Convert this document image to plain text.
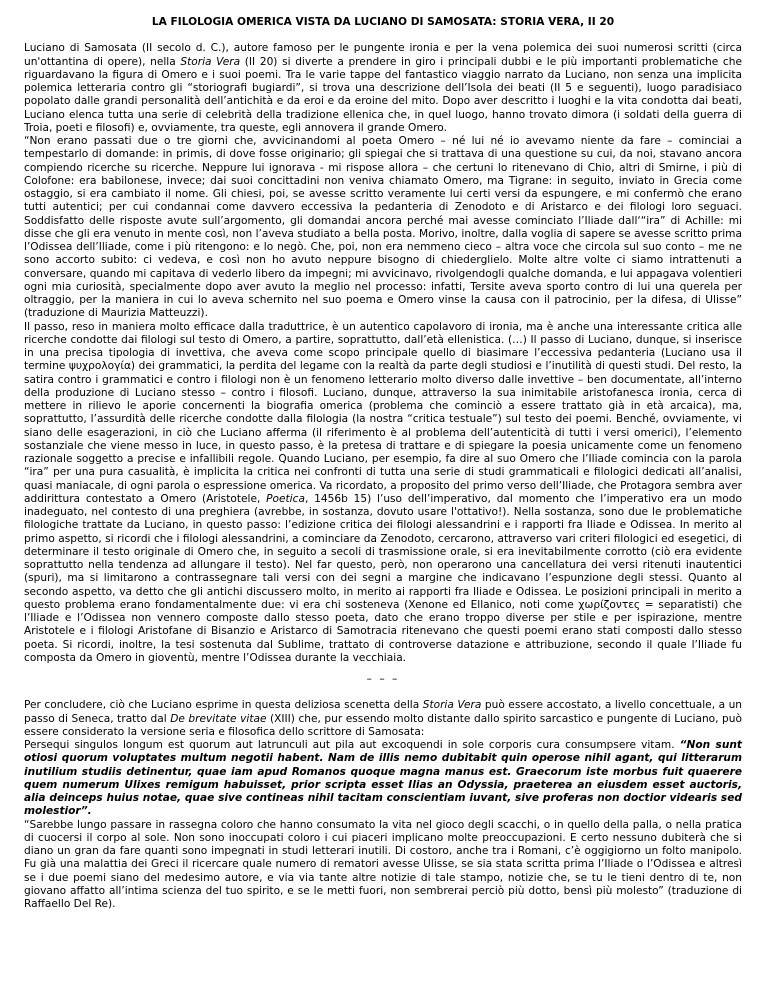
LA FILOLOGIA OMERICA VISTA DA LUCIANO DI SAMOSATA: STORIA VERA, II 20

Luciano di Samosata (II secolo d. C.), autore famoso per le pungente ironia e per la vena polemica dei suoi numerosi scritti (circa un'ottantina di opere), nella Storia Vera (II 20) si diverte a prendere in giro i principali dubbi e le più importanti problematiche che riguardavano la figura di Omero e i suoi poemi. Tra le varie tappe del fantastico viaggio narrato da Luciano, non senza una implicita polemica letteraria contro gli “storiografi bugiardi”, si trova una descrizione dell’Isola dei beati (II 5 e seguenti), luogo paradisiaco popolato dalle grandi personalità dell’antichità e da eroi e da eroine del mito. Dopo aver descritto i luoghi e la vita condotta dai beati, Luciano elenca tutta una serie di celebrità della tradizione ellenica che, in quel luogo, hanno trovato dimora (i soldati della guerra di Troia, poeti e filosofi) e, ovviamente, tra queste, egli annovera il grande Omero.

“Non erano passati due o tre giorni che, avvicinandomi al poeta Omero – né lui né io avevamo niente da fare – cominciai a tempestarlo di domande: in primis, di dove fosse originario; gli spiegai che si trattava di una questione su cui, da noi, stavano ancora compiendo ricerche su ricerche. Neppure lui ignorava - mi rispose allora – che certuni lo ritenevano di Chio, altri di Smirne, i più di Colofone: era babilonese, invece; dai suoi concittadini non veniva chiamato Omero, ma Tigrane: in seguito, inviato in Grecia come ostaggio, si era cambiato il nome. Gli chiesi, poi, se avesse scritto veramente lui certi versi da espungere, e mi confermò che erano tutti autentici; per cui condannai come davvero eccessiva la pedanteria di Zenodoto e di Aristarco e dei filologi loro seguaci. Soddisfatto delle risposte avute sull’argomento, gli domandai ancora perché mai avesse cominciato l’Iliade dall‘“ira” di Achille: mi disse che gli era venuto in mente così, non l’aveva studiato a bella posta. Morivo, inoltre, dalla voglia di sapere se avesse scritto prima l’Odissea dell’Iliade, come i più ritengono: e lo negò. Che, poi, non era nemmeno cieco – altra voce che circola sul suo conto – me ne sono accorto subito: ci vedeva, e così non ho avuto neppure bisogno di chiederglielo. Molte altre volte ci siamo intrattenuti a conversare, quando mi capitava di vederlo libero da impegni; mi avvicinavo, rivolgendogli qualche domanda, e lui appagava volentieri ogni mia curiosità, specialmente dopo aver avuto la meglio nel processo: infatti, Tersite aveva sporto contro di lui una querela per oltraggio, per la maniera in cui lo aveva schernito nel suo poema e Omero vinse la causa con il patrocinio, per la difesa, di Ulisse” (traduzione di Maurizia Matteuzzi).

Il passo, reso in maniera molto efficace dalla traduttrice, è un autentico capolavoro di ironia, ma è anche una interessante critica alle ricerche condotte dai filologi sul testo di Omero, a partire, soprattutto, dall’età ellenistica. (…) Il passo di Luciano, dunque, si inserisce in una precisa tipologia di invettiva, che aveva come scopo principale quello di biasimare l’eccessiva pedanteria (Luciano usa il termine ψυχρολογία) dei grammatici, la perdita del legame con la realtà da parte degli studiosi e l’inutilità di questi studi. Del resto, la satira contro i grammatici e contro i filologi non è un fenomeno letterario molto diverso dalle invettive – ben documentate, all’interno della produzione di Luciano stesso – contro i filosofi. Luciano, dunque, attraverso la sua inimitabile aristofanesca ironia, cerca di mettere in rilievo le aporie concernenti la biografia omerica (problema che cominciò a essere trattato già in età arcaica), ma, soprattutto, l’assurdità delle ricerche condotte dalla filologia (la nostra “critica testuale”) sul testo dei poemi. Benché, ovviamente, vi siano delle esagerazioni, in ciò che Luciano afferma (il riferimento è al problema dell’autenticità di tutti i versi omerici), l’elemento sostanziale che viene messo in luce, in questo passo, è la pretesa di trattare e di spiegare la poesia unicamente come un fenomeno razionale soggetto a precise e infallibili regole. Quando Luciano, per esempio, fa dire al suo Omero che l’Iliade comincia con la parola “ira” per una pura casualità, è implicita la critica nei confronti di tutta una serie di studi grammaticali e filologici dedicati all’analisi, quasi maniacale, di ogni parola o espressione omerica. Va ricordato, a proposito del primo verso dell’Iliade, che Protagora sembra aver addirittura contestato a Omero (Aristotele, Poetica, 1456b 15) l’uso dell’imperativo, dal momento che l’imperativo era un modo inadeguato, nel contesto di una preghiera (avrebbe, in sostanza, dovuto usare l'ottativo!). Nella sostanza, sono due le problematiche filologiche trattate da Luciano, in questo passo: l’edizione critica dei filologi alessandrini e i rapporti fra Iliade e Odissea. In merito al primo aspetto, si ricordi che i filologi alessandrini, a cominciare da Zenodoto, cercarono, attraverso vari criteri filologici ed esegetici, di determinare il testo originale di Omero che, in seguito a secoli di trasmissione orale, si era inevitabilmente corrotto (ciò era evidente soprattutto nella tendenza ad allungare il testo). Nel far questo, però, non operarono una cancellatura dei versi ritenuti inautentici (spuri), ma si limitarono a contrassegnare tali versi con dei segni a margine che indicavano l’espunzione degli stessi. Quanto al secondo aspetto, va detto che gli antichi discussero molto, in merito ai rapporti fra Iliade e Odissea. Le posizioni principali in merito a questo problema erano fondamentalmente due: vi era chi sosteneva (Xenone ed Ellanico, noti come χωρίζοντες = separatisti) che l’Iliade e l’Odissea non vennero composte dallo stesso poeta, dato che erano troppo diverse per stile e per ispirazione, mentre Aristotele e i filologi Aristofane di Bisanzio e Aristarco di Samotracia ritenevano che questi poemi erano stati composti dallo stesso poeta. Si ricordi, inoltre, la tesi sostenuta dal Sublime, trattato di controverse datazione e attribuzione, secondo il quale l’Iliade fu composta da Omero in gioventù, mentre l’Odissea durante la vecchiaia.

– – –

Per concludere, ciò che Luciano esprime in questa deliziosa scenetta della Storia Vera può essere accostato, a livello concettuale, a un passo di Seneca, tratto dal De brevitate vitae (XIII) che, pur essendo molto distante dallo spirito sarcastico e pungente di Luciano, può essere considerato la versione seria e filosofica dello scrittore di Samosata:

Persequi singulos longum est quorum aut latrunculi aut pila aut excoquendi in sole corporis cura consumpsere vitam. “Non sunt otiosi quorum voluptates multum negotii habent. Nam de illis nemo dubitabit quin operose nihil agant, qui litterarum inutilium studiis detinentur, quae iam apud Romanos quoque magna manus est. Graecorum iste morbus fuit quaerere quem numerum Ulixes remigum habuisset, prior scripta esset Ilias an Odyssia, praeterea an eiusdem esset auctoris, alia deinceps huius notae, quae sive contineas nihil tacitam conscientiam iuvant, sive proferas non doctior videaris sed molestior”.

“Sarebbe lungo passare in rassegna coloro che hanno consumato la vita nel gioco degli scacchi, o in quello della palla, o nella pratica di cuocersi il corpo al sole. Non sono inoccupati coloro i cui piaceri implicano molte preoccupazioni. E certo nessuno dubiterà che si diano un gran da fare quanti sono impegnati in studi letterari inutili. Di costoro, anche tra i Romani, c’è oggigiorno un folto manipolo. Fu già una malattia dei Greci il ricercare quale numero di rematori avesse Ulisse, se sia stata scritta prima l’Iliade o l’Odissea e altresì se i due poemi siano del medesimo autore, e via via tante altre notizie di tale stampo, notizie che, se tu le tieni dentro di te, non giovano affatto all’intima scienza del tuo spirito, e se le metti fuori, non sembrerai perciò più dotto, bensì più molesto” (traduzione di Raffaello Del Re).
